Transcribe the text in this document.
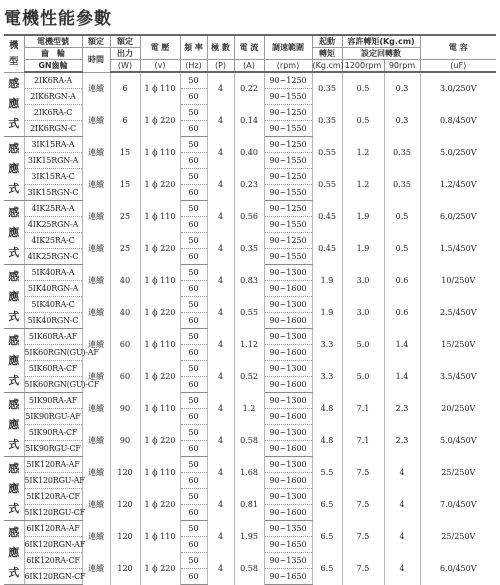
電機性能參數
機
型	電機型號	額定	額定	電 壓	頻 率	極 數	電 流	調速範圍	起動	容許轉矩(Kg.cm)		電 容
	齒　輪	時間	出力						轉矩	設定回轉數		
	GN齒輪		(W)	(v)	(Hz)	(P)	(A)	(rpm)	(Kg.cm)	1200rpm	90rpm	(uF)
感應式	2IK6RA-A	連續	6	1 ϕ 110	50	4	0.22	90~1250	0.35	0.5	0.3	3.0/250V
	2IK6RGN-A				60			90~1550				
	2IK6RA-C	連續	6	1 ϕ 220	50	4	0.14	90~1250	0.35	0.5	0.3	0.8/450V
	2IK6RGN-C				60			90~1550				
感應式	3IK15RA-A	連續	15	1 ϕ 110	50	4	0.40	90~1250	0.55	1.2	0.35	5.0/250V
	3IK15RGN-A				60			90~1550				
	3IK15RA-C	連續	15	1 ϕ 220	50	4	0.23	90~1250	0.55	1.2	0.35	1.2/450V
	3IK15RGN-C				60			90~1550				
感應式	4IK25RA-A	連續	25	1 ϕ 110	50	4	0.56	90~1250	0.45	1.9	0.5	6.0/250V
	4IK25RGN-A				60			90~1550				
	4IK25RA-C	連續	25	1 ϕ 220	50	4	0.35	90~1250	0.45	1.9	0.5	1.5/450V
	4IK25RGN-C				60			90~1550				
感應式	5IK40RA-A	連續	40	1 ϕ 110	50	4	0.83	90~1300	1.9	3.0	0.6	10/250V
	5IK40RGN-A				60			90~1600				
	5IK40RA-C	連續	40	1 ϕ 220	50	4	0.55	90~1300	1.9	3.0	0.6	2.5/450V
	5IK40RGN-C				60			90~1600				
感應式	5IK60RA-AF	連續	60	1 ϕ 110	50	4	1.12	90~1300	3.3	5.0	1.4	15/250V
	5IK60RGN(GU)-AF				60			90~1600				
	5IK60RA-CF	連續	60	1 ϕ 220	50	4	0.52	90~1300	3.3	5.0	1.4	3.5/450V
	5IK60RGN(GU)-CF				60			90~1600				
感應式	5IK90RA-AF	連續	90	1 ϕ 110	50	4	1.2	90~1300	4.8	7.1	2.3	20/250V
	5IK90RGU-AF				60			90~1600				
	5IK90RA-CF	連續	90	1 ϕ 220	50	4	0.58	90~1300	4.8	7.1	2.3	5.0/450V
	5IK90RGU-CF				60			90~1600				
感應式	5IK120RA-AF	連續	120	1 ϕ 110	50	4	1.68	90~1300	5.5	7.5	4	25/250V
	5IK120RGU-AF				60			90~1600				
	5IK120RA-CF	連續	120	1 ϕ 220	50	4	0.81	90~1300	6.5	7.5	4	7.0/450V
	5IK120RGU-CF				60			90~1600				
感應式	6IK120RA-AF	連續	120	1 ϕ 110	50	4	1.95	90~1350	6.5	7.5	4	25/250V
	6IK120RGN-AF				60			90~1650				
	6IK120RA-CF	連續	120	1 ϕ 220	50	4	0.58	90~1350	6.5	7.5	4	6.0/450V
	6IK120RGN-CF				60			90~1650				
